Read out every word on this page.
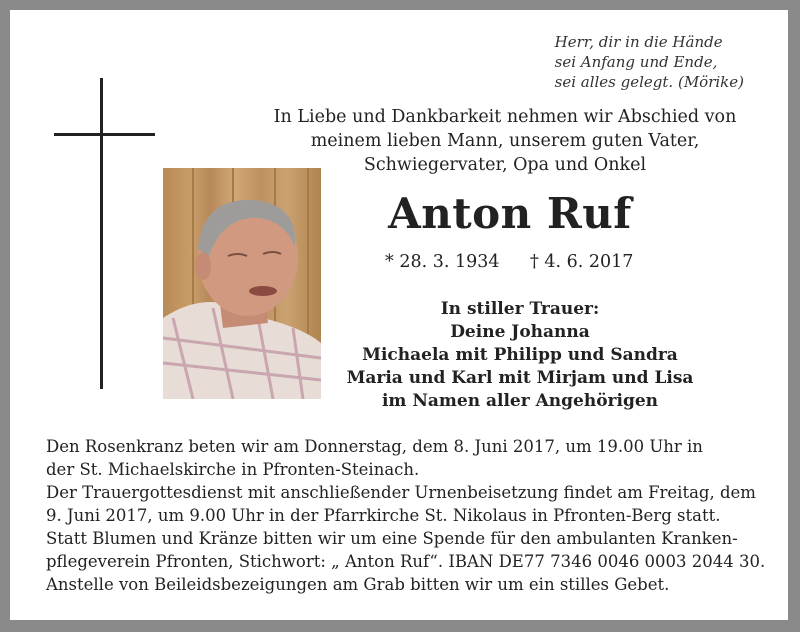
Herr, dir in die Hände
sei Anfang und Ende,
sei alles gelegt. (Mörike)
In Liebe und Dankbarkeit nehmen wir Abschied von
meinem lieben Mann, unserem guten Vater,
Schwiegervater, Opa und Onkel
Anton Ruf
* 28. 3. 1934 † 4. 6. 2017
In stiller Trauer:
Deine Johanna
Michaela mit Philipp und Sandra
Maria und Karl mit Mirjam und Lisa
im Namen aller Angehörigen
Den Rosenkranz beten wir am Donnerstag, dem 8. Juni 2017, um 19.00 Uhr in
der St. Michaelskirche in Pfronten-Steinach.
Der Trauergottesdienst mit anschließender Urnenbeisetzung findet am Freitag, dem
9. Juni 2017, um 9.00 Uhr in der Pfarrkirche St. Nikolaus in Pfronten-Berg statt.
Statt Blumen und Kränze bitten wir um eine Spende für den ambulanten Kranken-
pflegeverein Pfronten, Stichwort: „ Anton Ruf“. IBAN DE77 7346 0046 0003 2044 30.
Anstelle von Beileidsbezeigungen am Grab bitten wir um ein stilles Gebet.
